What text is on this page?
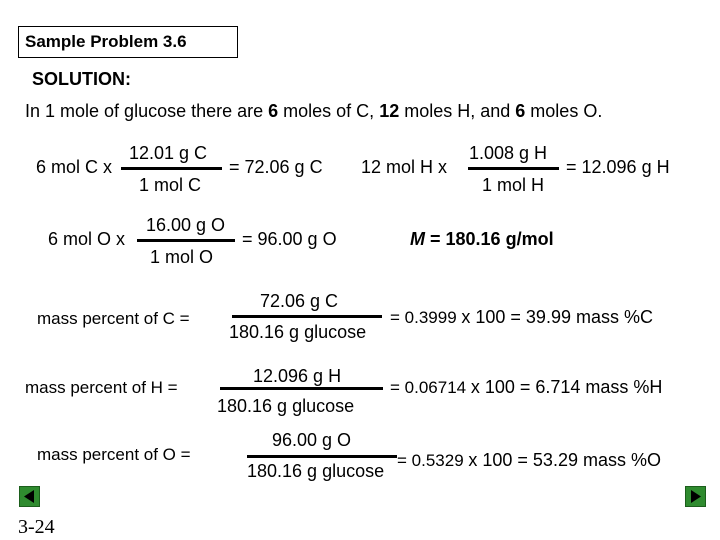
Sample Problem 3.6
SOLUTION:
In 1 mole of glucose there are 6 moles of C, 12 moles H, and 6 moles O.
6 mol C x
12.01 g C
1 mol C
= 72.06 g C 12 mol H x
1.008 g H
1 mol H
= 12.096 g H
6 mol O x
16.00 g O
1 mol O
= 96.00 g O	M = 180.16 g/mol
mass percent of C =
72.06 g C
180.16 g glucose
= 0.3999 x 100 = 39.99 mass %C
mass percent of H =
12.096 g H
180.16 g glucose
= 0.06714 x 100 = 6.714 mass %H
mass percent of O =
96.00 g O
180.16 g glucose
= 0.5329 x 100 = 53.29 mass %O
3-24
